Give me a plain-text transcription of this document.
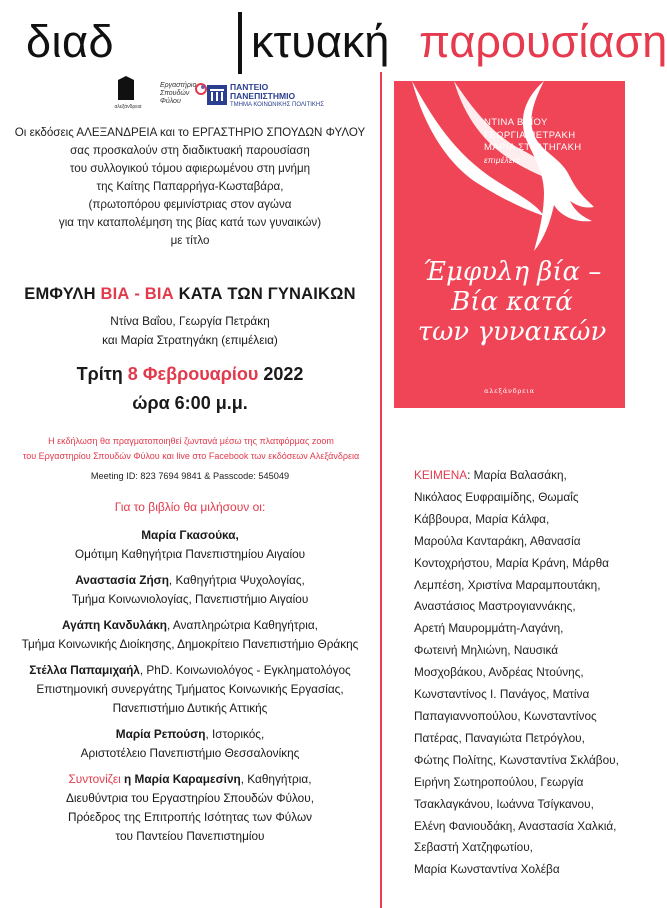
διαδ	κτυακή παρουσίαση
αλεξάνδρεια
Εργαστήριο
Σπουδών
Φύλου
ΠΑΝΤΕΙΟ
ΠΑΝΕΠΙΣΤΗΜΙΟ
ΤΜΗΜΑ ΚΟΙΝΩΝΙΚΗΣ ΠΟΛΙΤΙΚΗΣ
Οι εκδόσεις ΑΛΕΞΑΝΔΡΕΙΑ και το ΕΡΓΑΣΤΗΡΙΟ ΣΠΟΥΔΩΝ ΦΥΛΟΥ
σας προσκαλούν στη διαδικτυακή παρουσίαση
του συλλογικού τόμου αφιερωμένου στη μνήμη
της Καίτης Παπαρρήγα-Κωσταβάρα,
(πρωτοπόρου φεμινίστριας στον αγώνα
για την καταπολέμηση της βίας κατά των γυναικών)
με τίτλο
ΕΜΦΥΛΗ ΒΙΑ - ΒΙΑ ΚΑΤΑ ΤΩΝ ΓΥΝΑΙΚΩΝ
Ντίνα Βαΐου, Γεωργία Πετράκη
και Μαρία Στρατηγάκη (επιμέλεια)
Τρίτη 8 Φεβρουαρίου 2022
ώρα 6:00 μ.μ.
Η εκδήλωση θα πραγματοποιηθεί ζωντανά μέσω της πλατφόρμας zoom
του Εργαστηρίου Σπουδών Φύλου και live στο Facebook των εκδόσεων Αλεξάνδρεια
Meeting ID: 823 7694 9841 & Passcode: 545049
Για το βιβλίο θα μιλήσουν οι:
Μαρία Γκασούκα,
Ομότιμη Καθηγήτρια Πανεπιστημίου Αιγαίου
Αναστασία Ζήση, Καθηγήτρια Ψυχολογίας,
Τμήμα Κοινωνιολογίας, Πανεπιστήμιο Αιγαίου
Αγάπη Κανδυλάκη, Αναπληρώτρια Καθηγήτρια,
Τμήμα Κοινωνικής Διοίκησης, Δημοκρίτειο Πανεπιστήμιο Θράκης
Στέλλα Παπαμιχαήλ, PhD. Κοινωνιολόγος - Εγκληματολόγος
Επιστημονική συνεργάτης Τμήματος Κοινωνικής Εργασίας,
Πανεπιστήμιο Δυτικής Αττικής
Μαρία Ρεπούση, Ιστορικός,
Αριστοτέλειο Πανεπιστήμιο Θεσσαλονίκης
Συντονίζει η Μαρία Καραμεσίνη, Καθηγήτρια,
Διευθύντρια του Εργαστηρίου Σπουδών Φύλου,
Πρόεδρος της Επιτροπής Ισότητας των Φύλων
του Παντείου Πανεπιστημίου
ΝΤΙΝΑ ΒΑΪΟΥ
ΓΕΩΡΓΙΑ ΠΕΤΡΑΚΗ
ΜΑΡΙΑ ΣΤΡΑΤΗΓΑΚΗ
επιμέλεια
Έμφυλη βία –
Βία κατά
των γυναικών
αλεξάνδρεια
ΚΕΙΜΕΝΑ: Μαρία Βαλασάκη,
Νικόλαος Ευφραιμίδης, Θωμαΐς
Κάββουρα, Μαρία Κάλφα,
Μαρούλα Κανταράκη, Αθανασία
Κοντοχρήστου, Μαρία Κράνη, Μάρθα
Λεμπέση, Χριστίνα Μαραμπουτάκη,
Αναστάσιος Μαστρογιαννάκης,
Αρετή Μαυρομμάτη-Λαγάνη,
Φωτεινή Μηλιώνη, Ναυσικά
Μοσχοβάκου, Ανδρέας Ντούνης,
Κωνσταντίνος Ι. Πανάγος, Ματίνα
Παπαγιαννοπούλου, Κωνσταντίνος
Πατέρας, Παναγιώτα Πετρόγλου,
Φώτης Πολίτης, Κωνσταντίνα Σκλάβου,
Ειρήνη Σωτηροπούλου, Γεωργία
Τσακλαγκάνου, Ιωάννα Τσίγκανου,
Ελένη Φανιουδάκη, Αναστασία Χαλκιά,
Σεβαστή Χατζηφωτίου,
Μαρία Κωνσταντίνα Χολέβα
